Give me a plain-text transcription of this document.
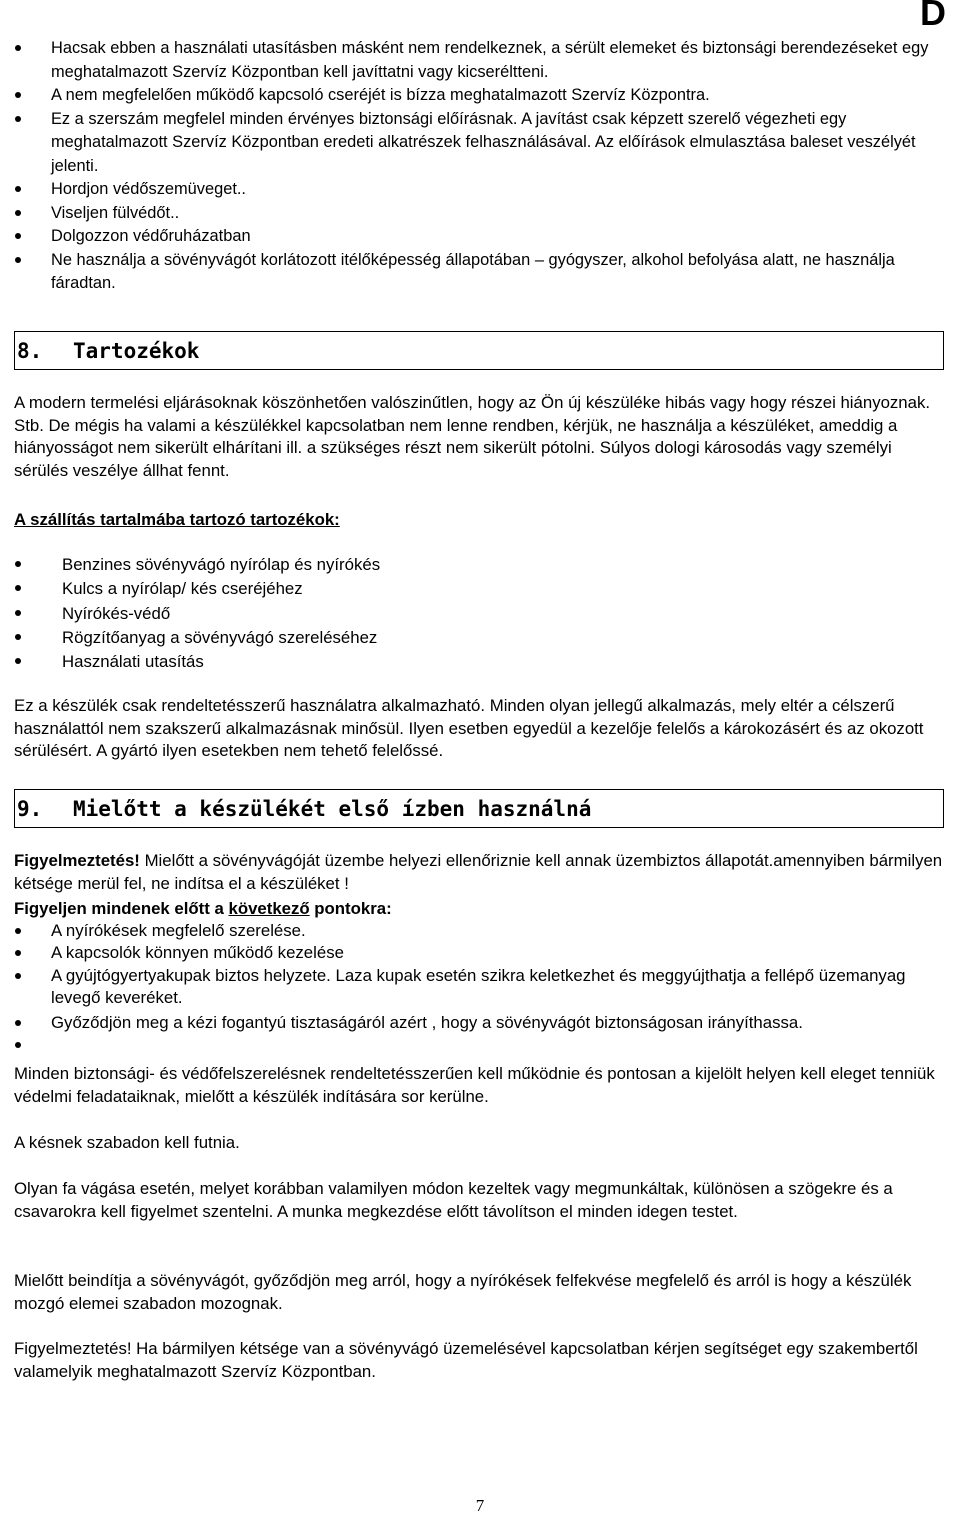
D
Hacsak ebben a használati utasításben másként nem rendelkeznek, a sérült elemeket és biztonsági berendezéseket egy meghatalmazott Szervíz Központban kell javíttatni vagy kicseréltteni.
A nem megfelelően működő kapcsoló cseréjét is bízza meghatalmazott Szervíz Központra.
Ez a szerszám megfelel minden érvényes biztonsági előírásnak. A javítást csak képzett szerelő végezheti egy meghatalmazott Szervíz Központban eredeti alkatrészek felhasználásával. Az előírások elmulasztása baleset veszélyét jelenti.
Hordjon védőszemüveget..
Viseljen fülvédőt..
Dolgozzon védőruházatban
Ne használja a sövényvágót korlátozott itélőképesség állapotában – gyógyszer, alkohol befolyása alatt, ne használja fáradtan.
8.	Tartozékok

A modern termelési eljárásoknak köszönhetően valószinűtlen, hogy az Ön új készüléke hibás vagy hogy részei hiányoznak. Stb. De mégis ha valami a készülékkel kapcsolatban nem lenne rendben, kérjük, ne használja a készüléket, ameddig a hiányosságot nem sikerült elhárítani ill. a szükséges részt nem sikerült pótolni. Súlyos dologi károsodás vagy személyi sérülés veszélye állhat fennt.

A szállítás tartalmába tartozó tartozékok:

Benzines sövényvágó nyírólap és nyírókés
Kulcs a nyírólap/ kés cseréjéhez
Nyírókés-védő
Rögzítőanyag a sövényvágó szereléséhez
Használati utasítás

Ez a készülék csak rendeltetésszerű használatra alkalmazható. Minden olyan jellegű alkalmazás, mely eltér a célszerű használattól nem szakszerű alkalmazásnak minősül. Ilyen esetben egyedül a kezelője felelős a károkozásért és az okozott sérülésért. A gyártó ilyen esetekben nem tehető felelőssé.

9.	Mielőtt a készülékét első ízben használná

Figyelmeztetés! Mielőtt a sövényvágóját üzembe helyezi ellenőriznie kell annak üzembiztos állapotát.amennyiben bármilyen kétsége merül fel, ne indítsa el a készüléket !

Figyeljen mindenek előtt a következő pontokra:

A nyírókések megfelelő szerelése.
A kapcsolók könnyen működő kezelése
A gyújtógyertyakupak biztos helyzete. Laza kupak esetén szikra keletkezhet és meggyújthatja a fellépő üzemanyag levegő keveréket.
Győződjön meg a kézi fogantyú tisztaságáról azért , hogy a sövényvágót biztonságosan irányíthassa.

Minden biztonsági- és védőfelszerelésnek rendeltetésszerűen kell működnie és pontosan a kijelölt helyen kell eleget tenniük védelmi feladataiknak, mielőtt a készülék indítására sor kerülne.

A késnek szabadon kell futnia.

Olyan fa vágása esetén, melyet korábban valamilyen módon kezeltek vagy megmunkáltak, különösen a szögekre és a csavarokra kell figyelmet szentelni. A munka megkezdése előtt távolítson el minden idegen testet.

Mielőtt beindítja a sövényvágót, győződjön meg arról, hogy a nyírókések felfekvése megfelelő és arról is hogy a készülék mozgó elemei szabadon mozognak.

Figyelmeztetés! Ha bármilyen kétsége van a sövényvágó üzemelésével kapcsolatban kérjen segítséget egy szakembertől valamelyik meghatalmazott Szervíz Központban.

7
